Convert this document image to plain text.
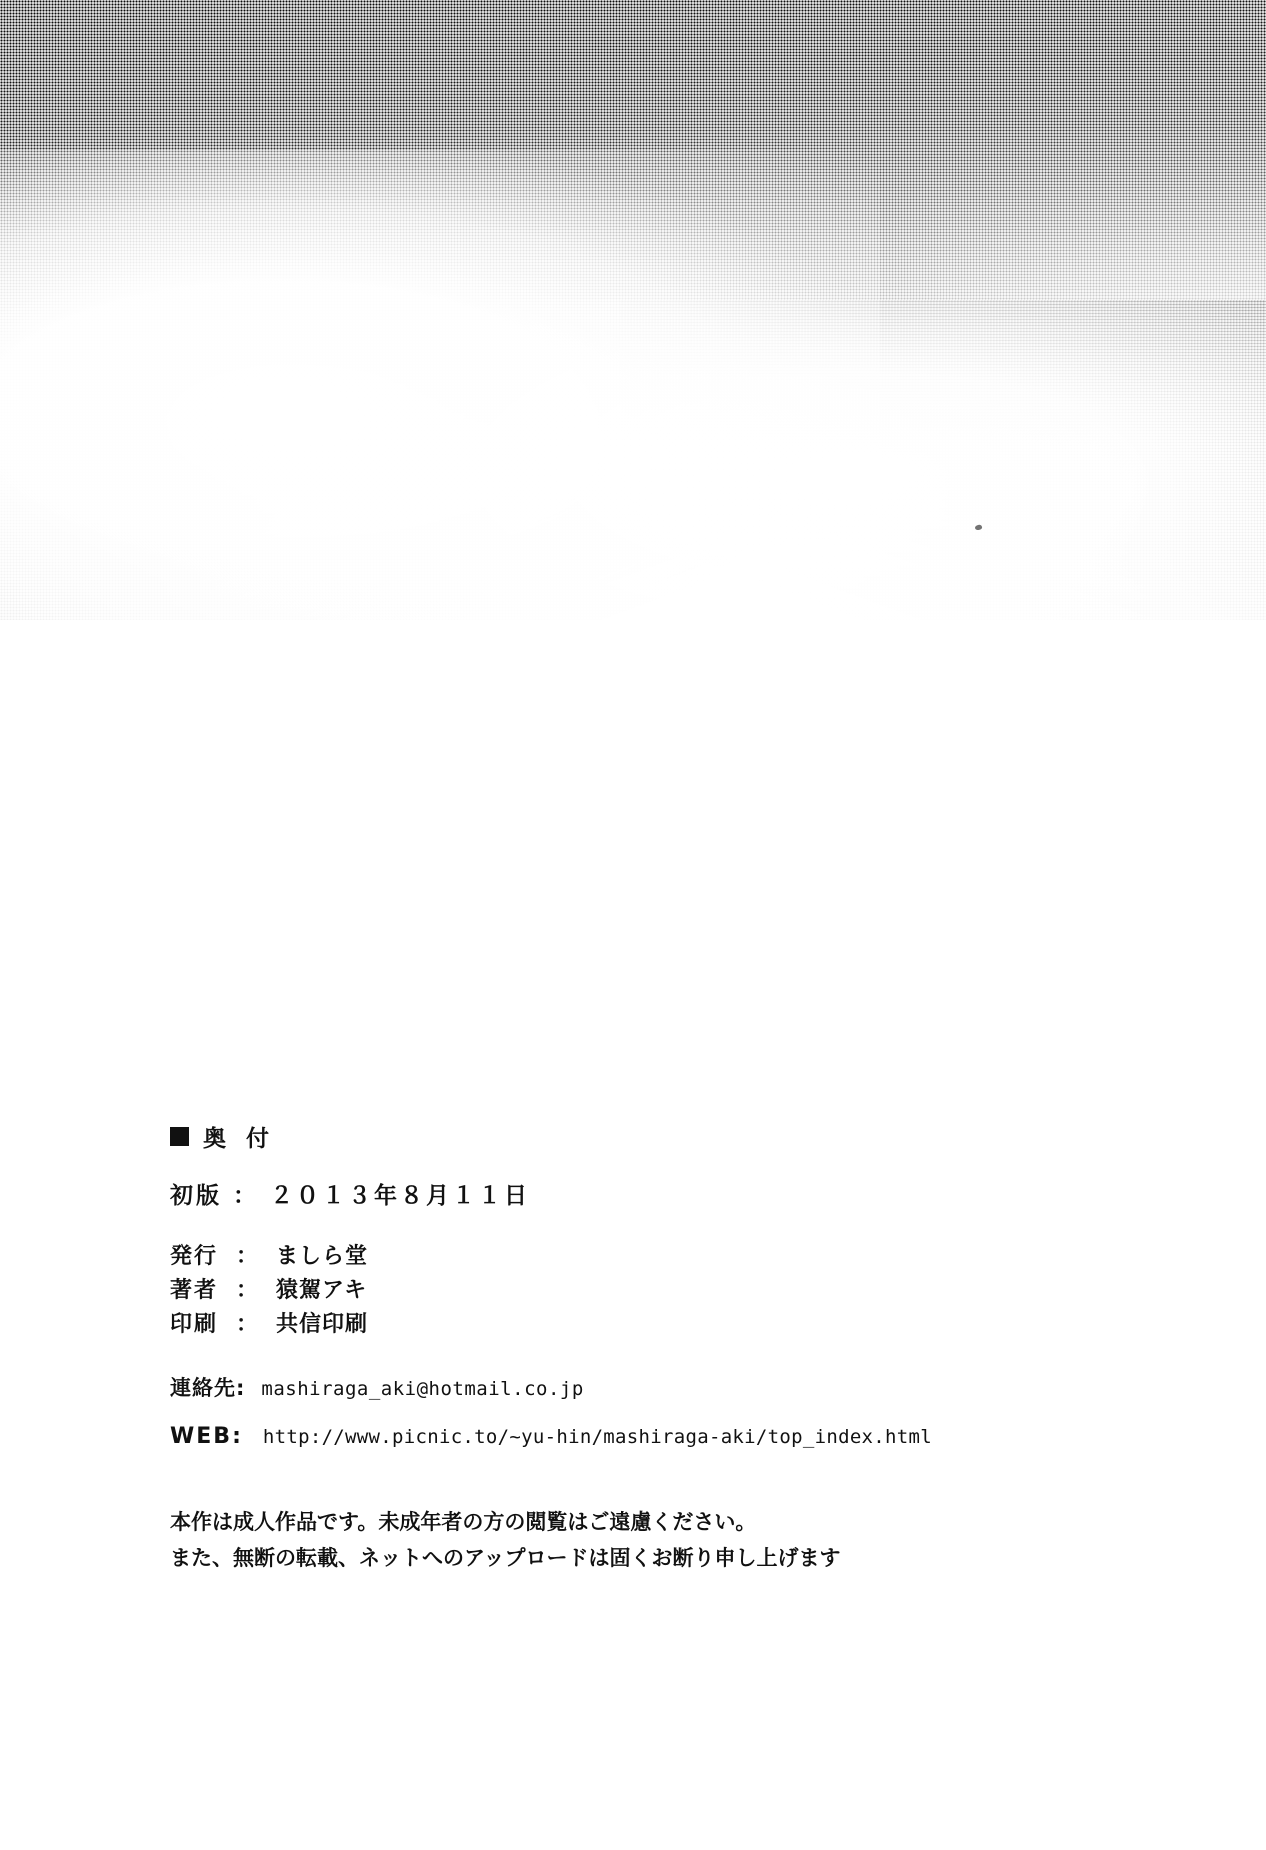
奥 付
初版 ： ２０１３年８月１１日
発行 ： ましら堂
著者 ： 猿駕アキ
印刷 ： 共信印刷
連絡先: mashiraga_aki@hotmail.co.jp
WEB: http://www.picnic.to/~yu-hin/mashiraga-aki/top_index.html
本作は成人作品です。未成年者の方の閲覧はご遠慮ください。
また、無断の転載、ネットへのアップロードは固くお断り申し上げます
